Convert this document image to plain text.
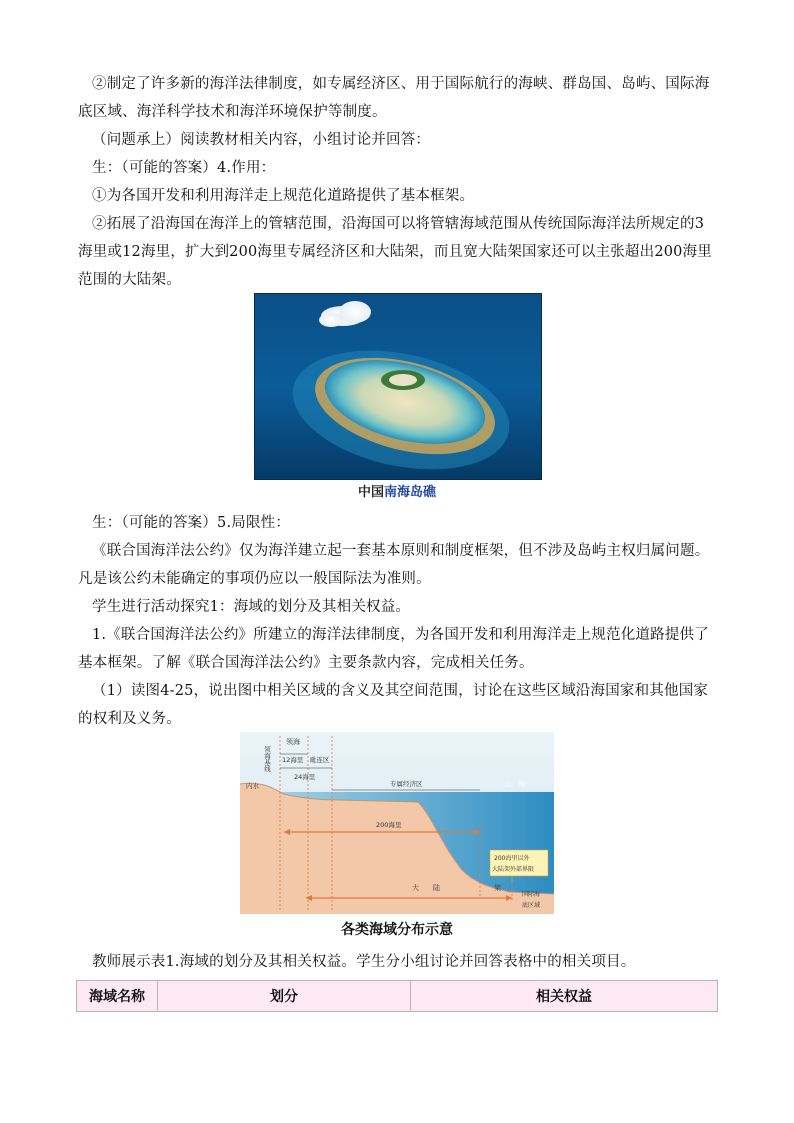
②制定了许多新的海洋法律制度，如专属经济区、用于国际航行的海峡、群岛国、岛屿、国际海底区域、海洋科学技术和海洋环境保护等制度。

（问题承上）阅读教材相关内容，小组讨论并回答：

生：（可能的答案）4.作用：

①为各国开发和利用海洋走上规范化道路提供了基本框架。

②拓展了沿海国在海洋上的管辖范围，沿海国可以将管辖海域范围从传统国际海洋法所规定的3海里或12海里，扩大到200海里专属经济区和大陆架，而且宽大陆架国家还可以主张超出200海里范围的大陆架。

中国南海岛礁

生：（可能的答案）5.局限性：

《联合国海洋法公约》仅为海洋建立起一套基本原则和制度框架，但不涉及岛屿主权归属问题。凡是该公约未能确定的事项仍应以一般国际法为准则。

学生进行活动探究1：海域的划分及其相关权益。

1.《联合国海洋法公约》所建立的海洋法律制度，为各国开发和利用海洋走上规范化道路提供了基本框架。了解《联合国海洋法公约》主要条款内容，完成相关任务。

（1）读图4-25，说出图中相关区域的含义及其空间范围，讨论在这些区域沿海国家和其他国家的权利及义务。

领海基线
领海
12海里 毗连区
24海里
内水	专属经济区	公　海
200海里
200海里以外
大陆架外部界限
大　　陆	架
国际海
底区域
各类海域分布示意

教师展示表1.海域的划分及其相关权益。学生分小组讨论并回答表格中的相关项目。

海域名称	划分	相关权益
